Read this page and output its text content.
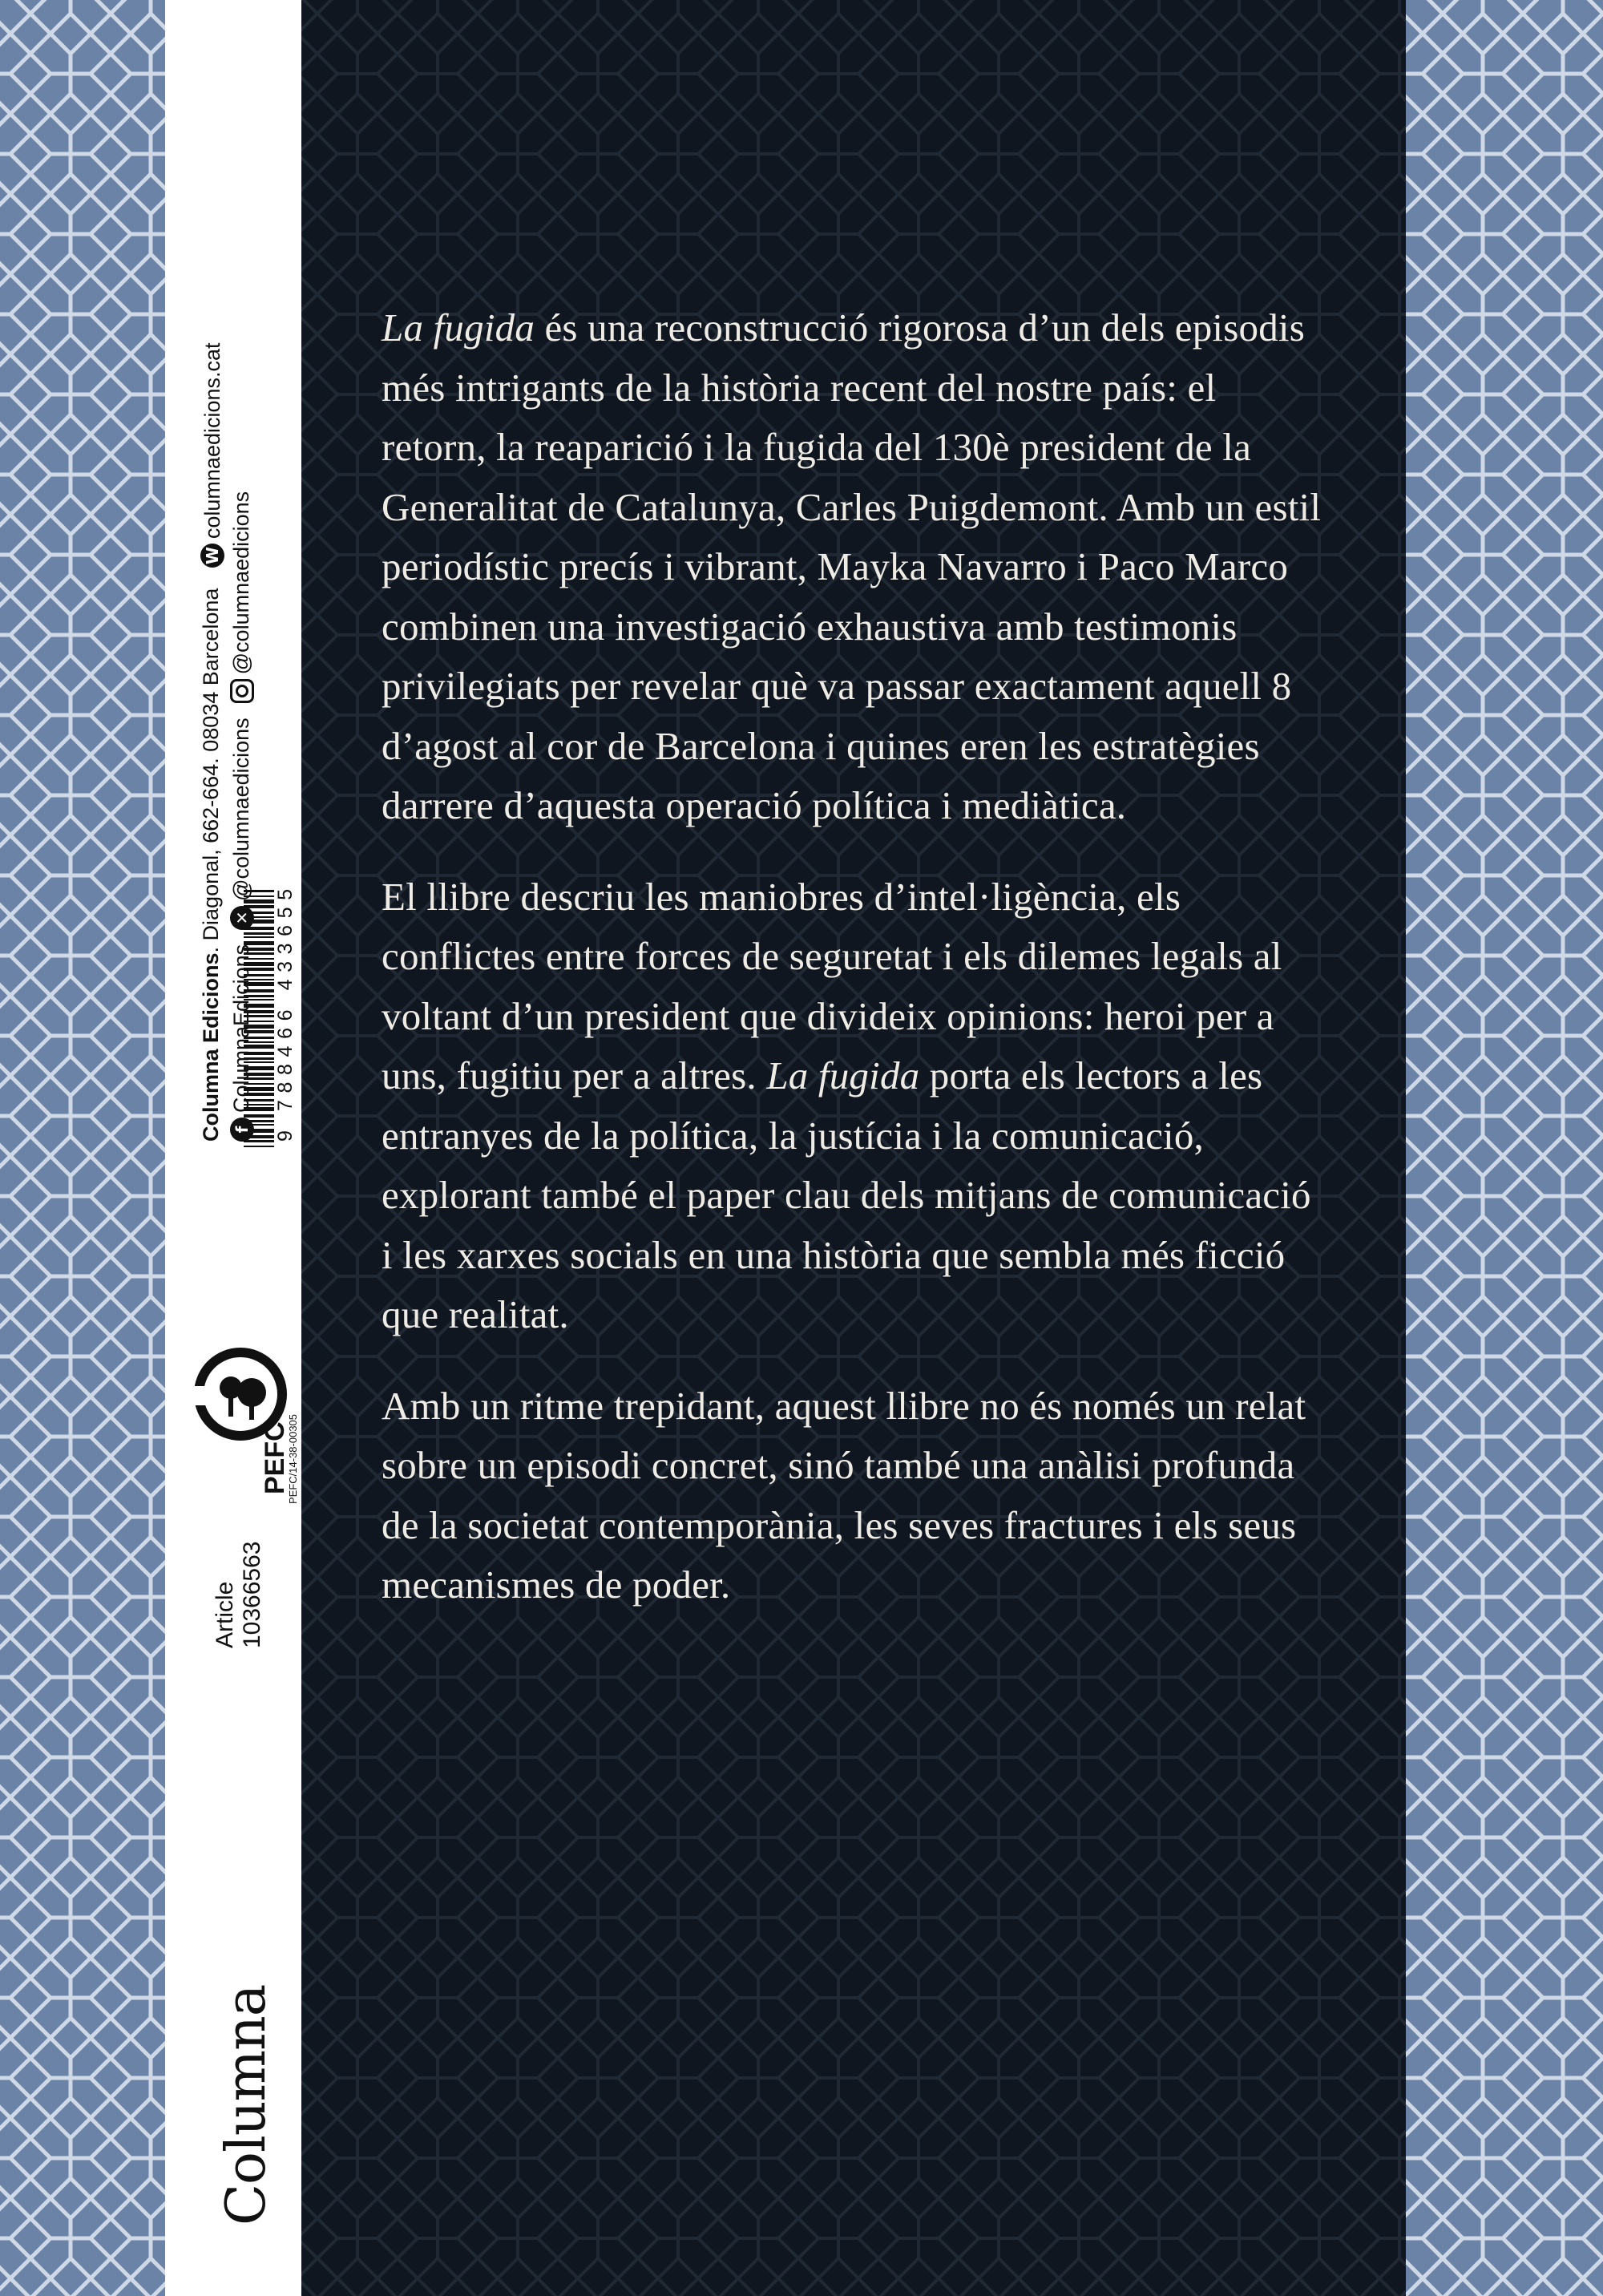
Columna
Article 10366563
PEFC
PEFC/14-38-00305
9 788466 433655
Columna Edicions. Diagonal, 662-664. 08034 Barcelona
W
columnaedicions.cat
f
ColumnaEdicions
✕
@columnaedicions
@columnaedicions

La fugida és una reconstrucció rigorosa d’un dels episodis més intrigants de la història recent del nostre país: el retorn, la reaparició i la fugida del 130è president de la Generalitat de Catalunya, Carles Puigdemont. Amb un estil periodístic precís i vibrant, Mayka Navarro i Paco Marco combinen una investigació exhaustiva amb testimonis privilegiats per revelar què va passar exactament aquell 8 d’agost al cor de Barcelona i quines eren les estratègies darrere d’aquesta operació política i mediàtica.

El llibre descriu les maniobres d’intel·ligència, els conflictes entre forces de seguretat i els dilemes legals al voltant d’un president que divideix opinions: heroi per a uns, fugitiu per a altres. La fugida porta els lectors a les entranyes de la política, la justícia i la comunicació, explorant també el paper clau dels mitjans de comunicació i les xarxes socials en una història que sembla més ficció que realitat.

Amb un ritme trepidant, aquest llibre no és només un relat sobre un episodi concret, sinó també una anàlisi profunda de la societat contemporània, les seves fractures i els seus mecanismes de poder.
